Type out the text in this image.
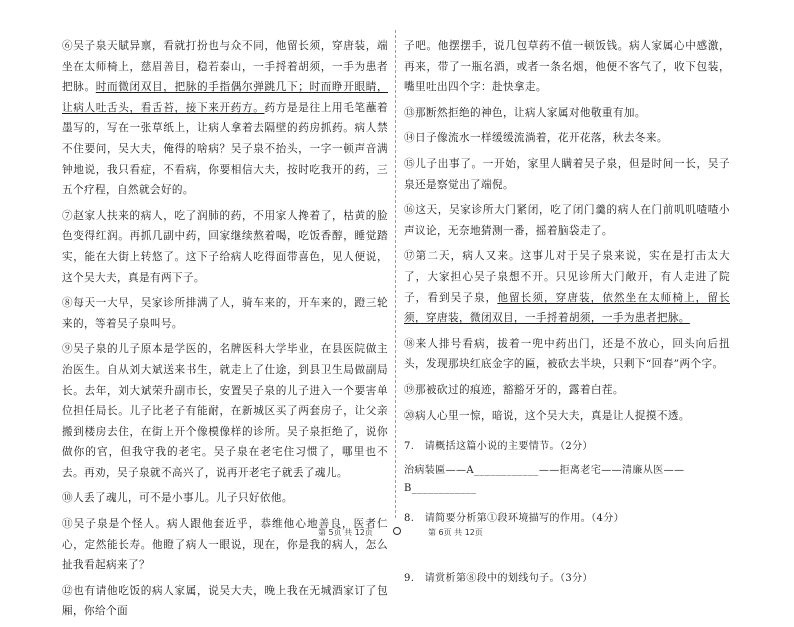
⑥吴子泉天賦异禀，看就打扮也与众不同，他留长须，穿唐装，端坐在太师椅上，慈眉善目，稳若泰山，一手捋着胡须，一手为患者把脉。时而微闭双目，把脉的手指偶尔弹跳几下；时而睁开眼睛，让病人吐舌头，看舌苔，接下来开药方。药方是是往上用毛笔蘸着墨写的，写在一张草纸上，让病人拿着去隔壁的药房抓药。病人禁不住要问，吴大夫，俺得的啥病？吴子泉不抬头，一字一顿声音满钟地说，我只看症，不看病，你要相信大夫，按时吃我开的药，三五个疗程，自然就会好的。

⑦赵家人扶来的病人，吃了润肺的药，不用家人搀着了，枯黄的脸色变得红润。再抓几副中药，回家继续熬着喝，吃饭香醇，睡觉踏实，能在大街上转悠了。这下子给病人吃得面带喜色，见人便说，这个吴大夫，真是有两下子。

⑧每天一大早，吴家诊所排满了人，骑车来的，开车来的，蹬三轮来的，等着吴子泉叫号。

⑨吴子泉的儿子原本是学医的，名牌医科大学毕业，在县医院做主治医生。自从刘大斌送来书生，就走上了仕途，到县卫生局做副局长。去年，刘大斌荣升副市长，安置吴子泉的儿子进入一个要害单位担任局长。儿子比老子有能耐，在新城区买了两套房子，让父亲搬到楼房去住，在街上开个像模像样的诊所。吴子泉拒绝了，说你做你的官，但我守我的老宅。吴子泉在老宅住习惯了，哪里也不去。再劝，吴子泉就不高兴了，说再开老宅子就丢了魂儿。

⑩人丢了魂儿，可不是小事儿。儿子只好依他。

⑪吴子泉是个怪人。病人跟他套近乎，恭维他心地善良，医者仁心，定然能长寿。他瞪了病人一眼说，现在，你是我的病人，怎么扯我看起病来了？

⑫也有请他吃饭的病人家属，说吴大夫，晚上我在无城酒家订了包厢，你给个面

子吧。他摆摆手，说几包草药不值一顿饭钱。病人家属心中感激，再来，带了一瓶名酒，或者一条名烟，他便不客气了，收下包装，嘴里吐出四个字：赴快拿走。

⑬那断然拒绝的神色，让病人家属对他敬重有加。

⑭日子像流水一样缓缓流淌着，花开花落，秋去冬来。

⑮儿子出事了。一开始，家里人瞒着吴子泉，但是时间一长，吴子泉还是察觉出了端倪。

⑯这天，吴家诊所大门紧闭，吃了闭门羹的病人在门前叽叽喳喳小声议论，无奈地猜测一番，摇着脑袋走了。

⑰第二天，病人又来。这事儿对于吴子泉来说，实在是打击太大了，大家担心吴子泉想不开。只见诊所大门敞开，有人走进了院子，看到吴子泉，他留长须，穿唐装，依然坐在太师椅上，留长须，穿唐装，微闭双目，一手捋着胡须，一手为患者把脉。

⑱来人排号看病，拔着一兜中药出门，还是不放心，回头向后扭头，发现那块红底金字的匾，被砍去半块，只剩下“回春”两个字。

⑲那被砍过的痕迹，豁豁牙牙的，露着白茬。

⑳病人心里一惊，暗说，这个吴大夫，真是让人捉摸不透。

7.　请概括这篇小说的主要情节。（2分）
治病装匾——A____________——拒离老宅——清廉从医——B____________
8.　请简要分析第①段环境描写的作用。（4分）
9.　请赏析第⑧段中的划线句子。（3分）
第 5页 共 12页	第 6页 共 12页
